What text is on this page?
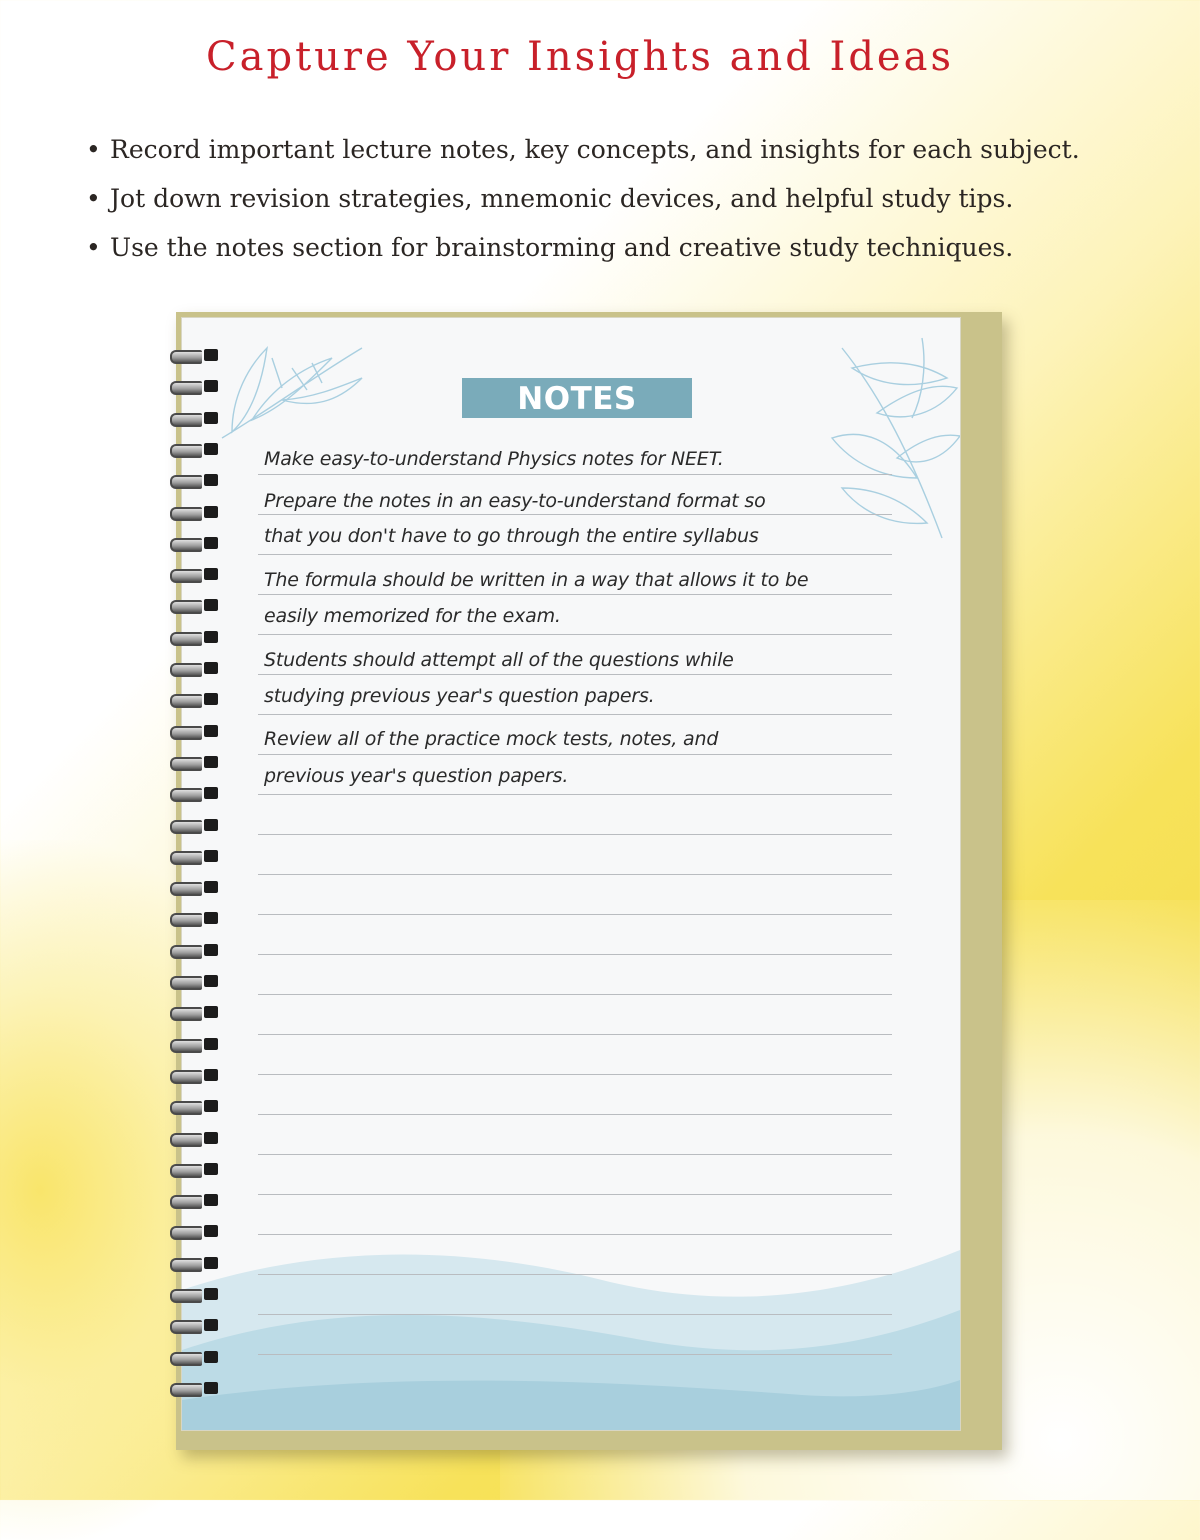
Capture Your Insights and Ideas
• Record important lecture notes, key concepts, and insights for each subject.
• Jot down revision strategies, mnemonic devices, and helpful study tips.
• Use the notes section for brainstorming and creative study techniques.
NOTES
Make easy-to-understand Physics notes for NEET.
Prepare the notes in an easy-to-understand format so
that you don't have to go through the entire syllabus
The formula should be written in a way that allows it to be
easily memorized for the exam.
Students should attempt all of the questions while
studying previous year's question papers.
Review all of the practice mock tests, notes, and
previous year's question papers.
